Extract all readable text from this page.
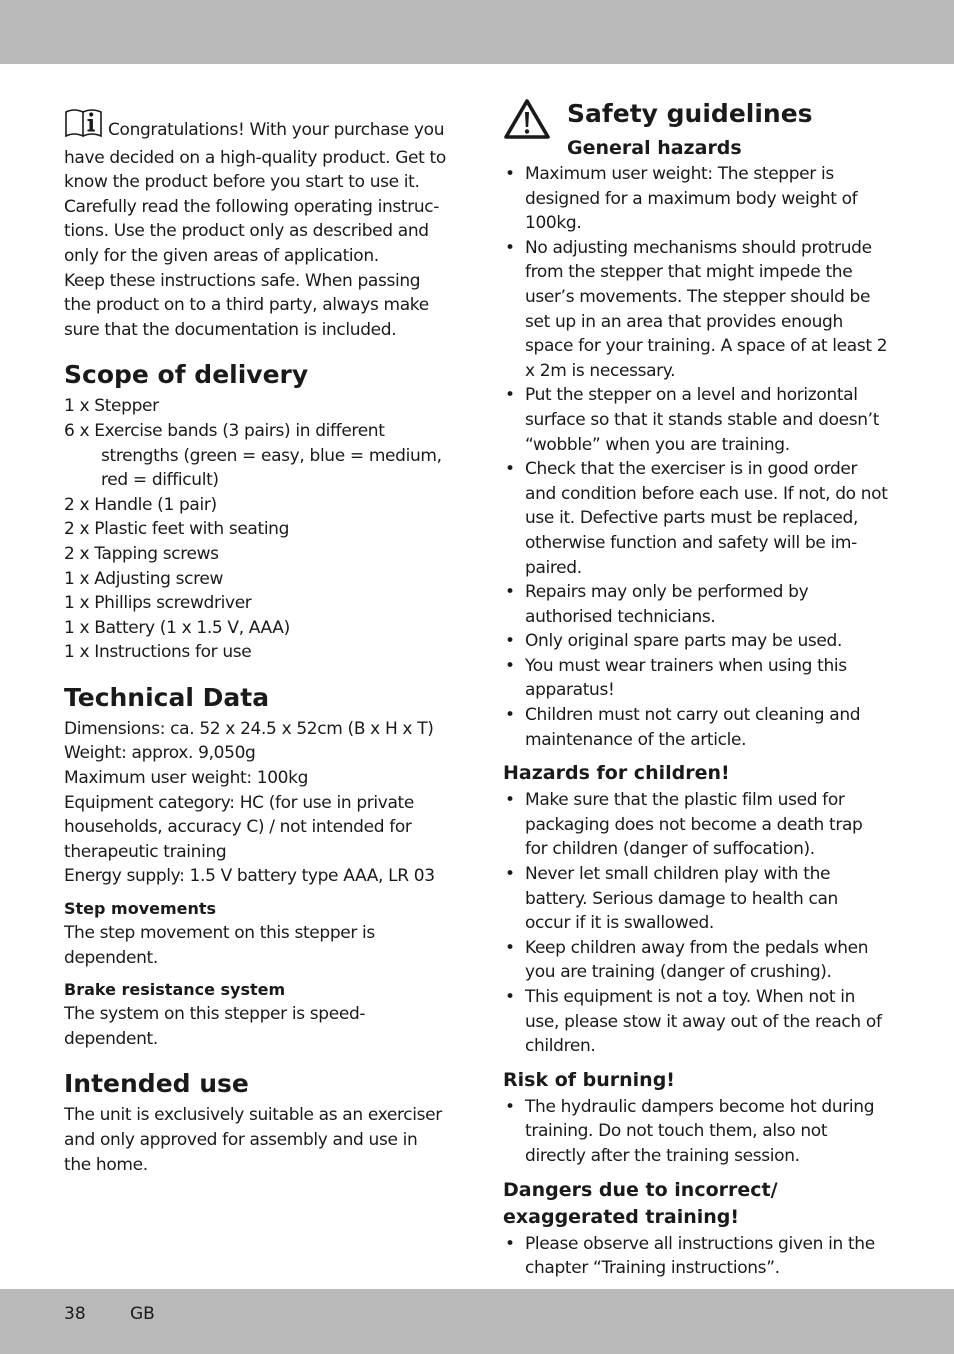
Congratulations! With your purchase you have decided on a high-quality product. Get to know the product before you start to use it. Carefully read the following operating instruc-tions. Use the product only as described and only for the given areas of application.

Keep these instructions safe. When passing the product on to a third party, always make sure that the documentation is included.

Scope of delivery

1 x Stepper

6 x Exercise bands (3 pairs) in different

strengths (green = easy, blue = medium, red = difficult)

2 x Handle (1 pair)

2 x Plastic feet with seating

2 x Tapping screws

1 x Adjusting screw

1 x Phillips screwdriver

1 x Battery (1 x 1.5 V, AAA)

1 x Instructions for use

Technical Data

Dimensions: ca. 52 x 24.5 x 52cm (B x H x T)

Weight: approx. 9,050g

Maximum user weight: 100kg

Equipment category: HC (for use in private households, accuracy C) / not intended for therapeutic training

Energy supply: 1.5 V battery type AAA, LR 03

Step movements

The step movement on this stepper is dependent.

Brake resistance system

The system on this stepper is speed-dependent.

Intended use

The unit is exclusively suitable as an exerciser and only approved for assembly and use in the home.

Safety guidelines
General hazards
• Maximum user weight: The stepper is designed for a maximum body weight of 100kg.
• No adjusting mechanisms should protrude from the stepper that might impede the user’s movements. The stepper should be set up in an area that provides enough space for your training. A space of at least 2 x 2m is necessary.
• Put the stepper on a level and horizontal surface so that it stands stable and doesn’t “wobble” when you are training.
• Check that the exerciser is in good order and condition before each use. If not, do not use it. Defective parts must be replaced, otherwise function and safety will be im-paired.
• Repairs may only be performed by authorised technicians.
• Only original spare parts may be used.
• You must wear trainers when using this apparatus!
• Children must not carry out cleaning and maintenance of the article.
Hazards for children!
• Make sure that the plastic film used for packaging does not become a death trap for children (danger of suffocation).
• Never let small children play with the battery. Serious damage to health can occur if it is swallowed.
• Keep children away from the pedals when you are training (danger of crushing).
• This equipment is not a toy. When not in use, please stow it away out of the reach of children.
Risk of burning!
• The hydraulic dampers become hot during training. Do not touch them, also not directly after the training session.
Dangers due to incorrect/
exaggerated training!
• Please observe all instructions given in the chapter “Training instructions”.
38	GB
